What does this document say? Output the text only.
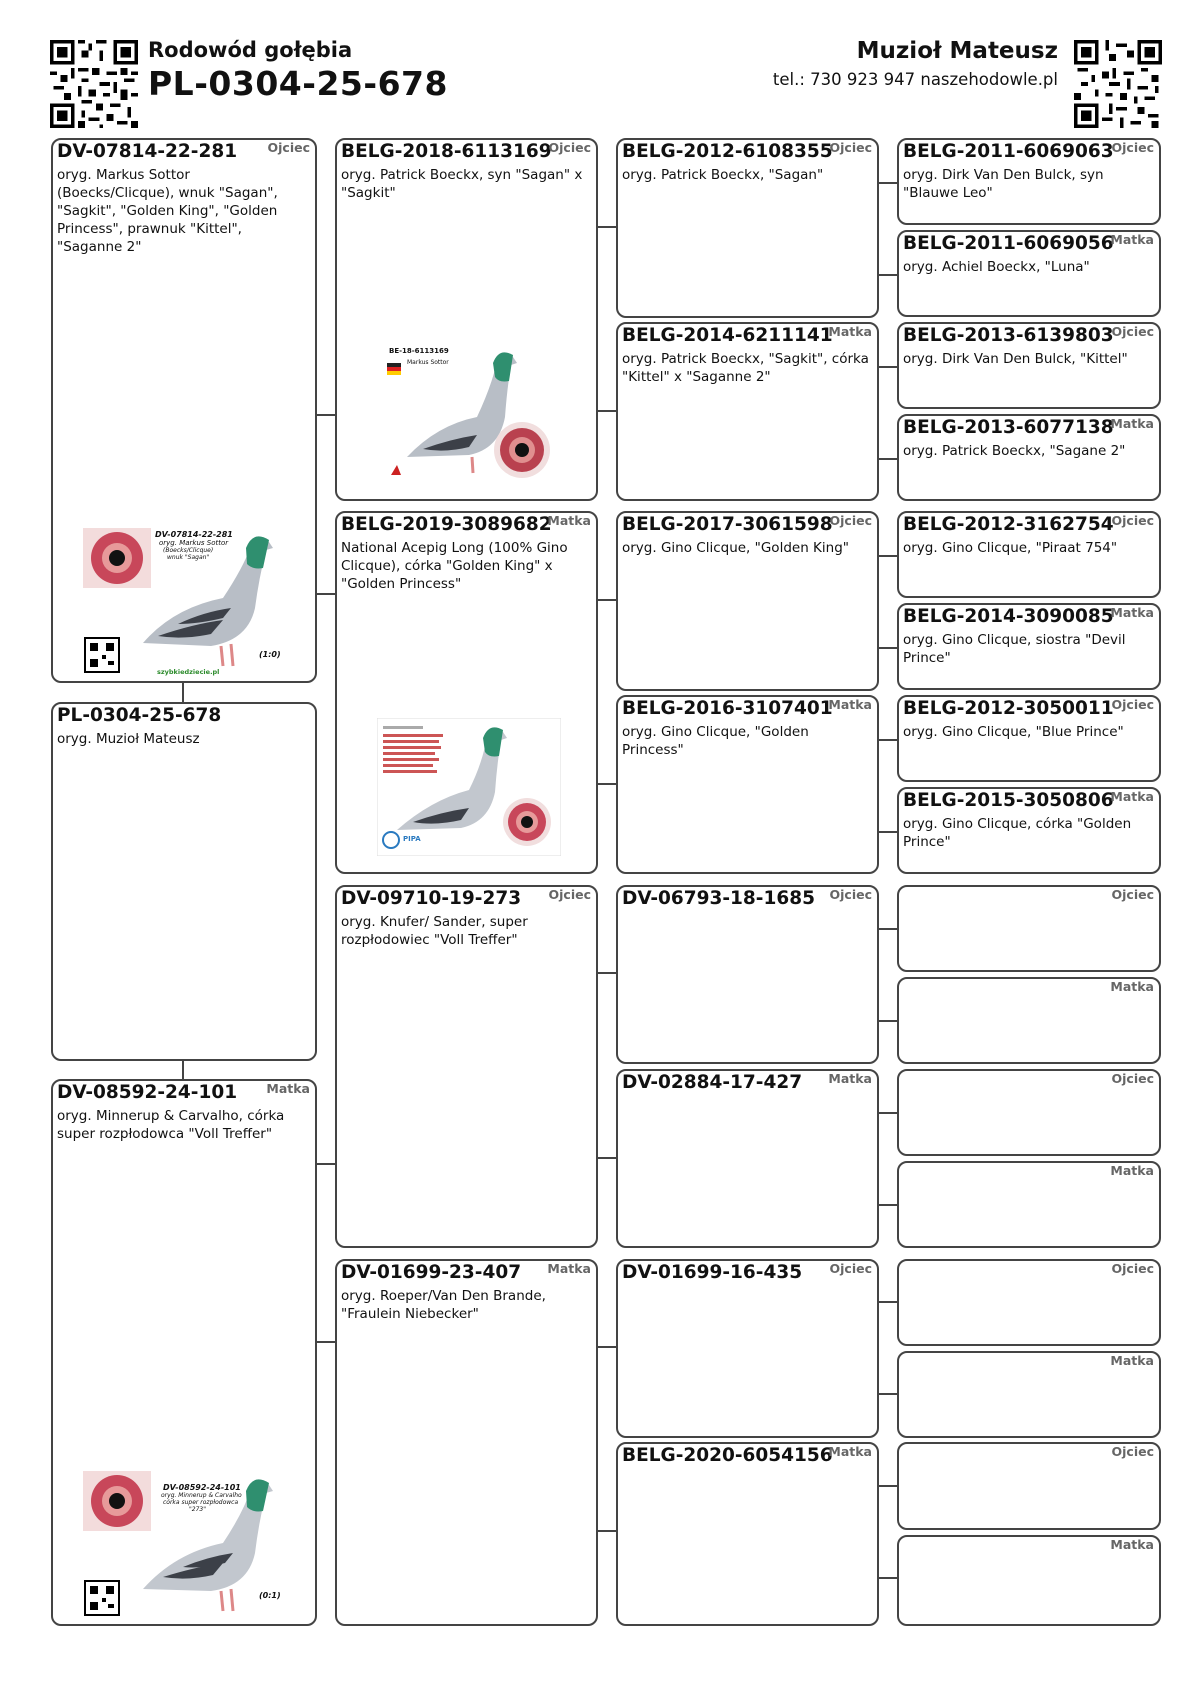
Rodowód gołębia
PL-0304-25-678
Muzioł Mateusz
tel.: 730 923 947 naszehodowle.pl
DV-07814-22-281 Ojciec
oryg. Markus Sottor (Boecks/Clicque), wnuk "Sagan", "Sagkit", "Golden King", "Golden Princess", prawnuk "Kittel", "Saganne 2"
DV-07814-22-281
oryg. Markus Sottor
(Boecks/Clicque)
wnuk "Sagan"
(1:0)
szybkiedziecie.pl
PL-0304-25-678
oryg. Muzioł Mateusz
DV-08592-24-101 Matka
oryg. Minnerup & Carvalho, córka super rozpłodowca "Voll Treffer"
DV-08592-24-101
oryg. Minnerup & Carvalho
córka super rozpłodowca
"273"
(0:1)
BELG-2018-6113169
Ojciec
oryg. Patrick Boeckx, syn "Sagan" x "Sagkit"
BE-18-6113169
Markus Sottor
BELG-2019-3089682
Matka
National Acepig Long (100% Gino Clicque), córka "Golden King" x "Golden Princess"
PIPA
DV-09710-19-273 Ojciec
oryg. Knufer/ Sander, super rozpłodowiec "Voll Treffer"
DV-01699-23-407 Matka
oryg. Roeper/Van Den Brande, "Fraulein Niebecker"
BELG-2012-6108355
Ojciec
oryg. Patrick Boeckx, "Sagan"
BELG-2014-6211141
Matka
oryg. Patrick Boeckx, "Sagkit", córka "Kittel" x "Saganne 2"
BELG-2017-3061598
Ojciec
oryg. Gino Clicque, "Golden King"
BELG-2016-3107401
Matka
oryg. Gino Clicque, "Golden Princess"
DV-06793-18-1685 Ojciec
DV-02884-17-427 Matka
DV-01699-16-435 Ojciec
BELG-2020-6054156
Matka
BELG-2011-6069063
Ojciec
oryg. Dirk Van Den Bulck, syn "Blauwe Leo"
BELG-2011-6069056
Matka
oryg. Achiel Boeckx, "Luna"
BELG-2013-6139803
Ojciec
oryg. Dirk Van Den Bulck, "Kittel"
BELG-2013-6077138
Matka
oryg. Patrick Boeckx, "Sagane 2"
BELG-2012-3162754
Ojciec
oryg. Gino Clicque, "Piraat 754"
BELG-2014-3090085
Matka
oryg. Gino Clicque, siostra "Devil Prince"
BELG-2012-3050011
Ojciec
oryg. Gino Clicque, "Blue Prince"
BELG-2015-3050806
Matka
oryg. Gino Clicque, córka "Golden Prince"
Ojciec
Matka
Ojciec
Matka
Ojciec
Matka
Ojciec
Matka
